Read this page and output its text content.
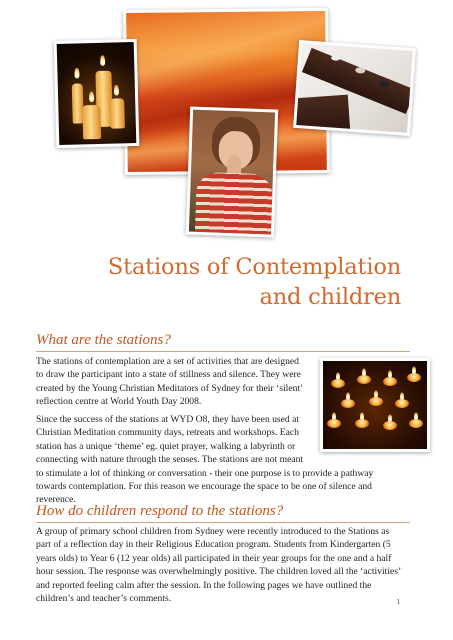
Stations of Contemplation
and children
What are the stations?

The stations of contemplation are a set of activities that are designed
to draw the participant into a state of stillness and silence. They were
created by the Young Christian Meditators of Sydney for their ‘silent’
reflection centre at World Youth Day 2008.

Since the success of the stations at WYD O8, they have been used at
Christian Meditation community days, retreats and workshops. Each
station has a unique ‘theme’ eg. quiet prayer, walking a labyrinth or
connecting with nature through the senses. The stations are not meant
to stimulate a lot of thinking or conversation - their one purpose is to provide a pathway
towards contemplation. For this reason we encourage the space to be one of silence and
reverence.

How do children respond to the stations?

A group of primary school children from Sydney were recently introduced to the Stations as
part of a reflection day in their Religious Education program. Students from Kindergarten (5
years olds) to Year 6 (12 year olds) all participated in their year groups for the one and a half
hour session. The response was overwhelmingly positive. The children loved all the ‘activities’
and reported feeling calm after the session. In the following pages we have outlined the
children’s and teacher’s comments.	1
